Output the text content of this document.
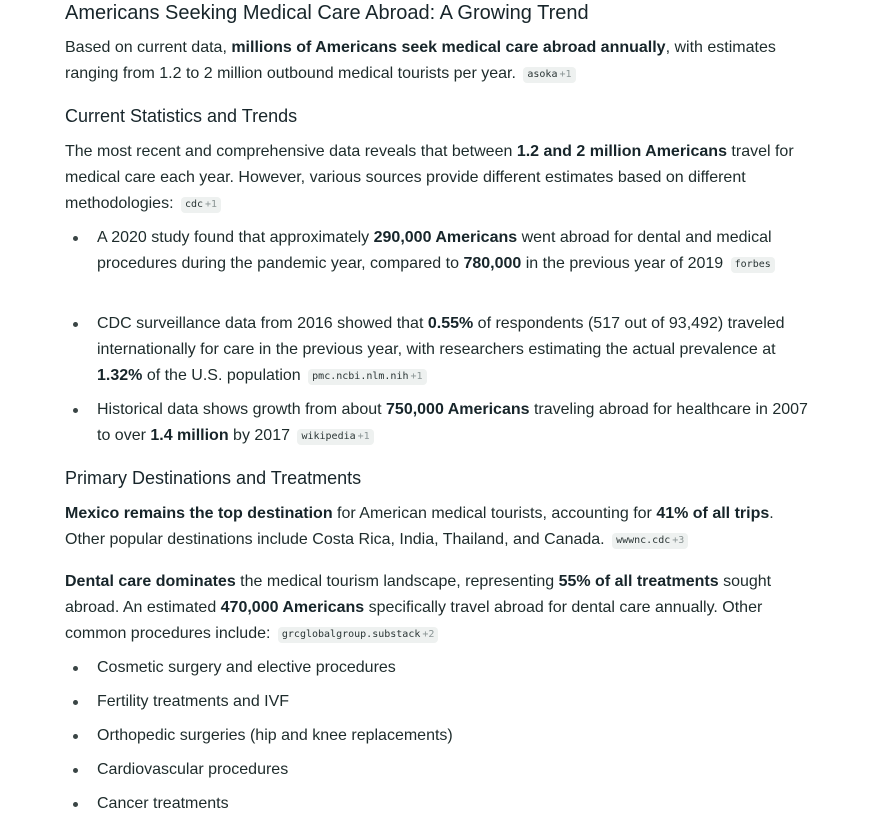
Americans Seeking Medical Care Abroad: A Growing Trend

Based on current data, millions of Americans seek medical care abroad annually, with estimates ranging from 1.2 to 2 million outbound medical tourists per year. asoka +1

Current Statistics and Trends

The most recent and comprehensive data reveals that between 1.2 and 2 million Americans travel for medical care each year. However, various sources provide different estimates based on different methodologies: cdc +1

A 2020 study found that approximately 290,000 Americans went abroad for dental and medical procedures during the pandemic year, compared to 780,000 in the previous year of 2019 forbes
CDC surveillance data from 2016 showed that 0.55% of respondents (517 out of 93,492) traveled internationally for care in the previous year, with researchers estimating the actual prevalence at 1.32% of the U.S. population pmc.ncbi.nlm.nih +1
Historical data shows growth from about 750,000 Americans traveling abroad for healthcare in 2007 to over 1.4 million by 2017 wikipedia +1
Primary Destinations and Treatments

Mexico remains the top destination for American medical tourists, accounting for 41% of all trips. Other popular destinations include Costa Rica, India, Thailand, and Canada. wwwnc.cdc +3

Dental care dominates the medical tourism landscape, representing 55% of all treatments sought abroad. An estimated 470,000 Americans specifically travel abroad for dental care annually. Other common procedures include: grcglobalgroup.substack +2

Cosmetic surgery and elective procedures
Fertility treatments and IVF
Orthopedic surgeries (hip and knee replacements)
Cardiovascular procedures
Cancer treatments
